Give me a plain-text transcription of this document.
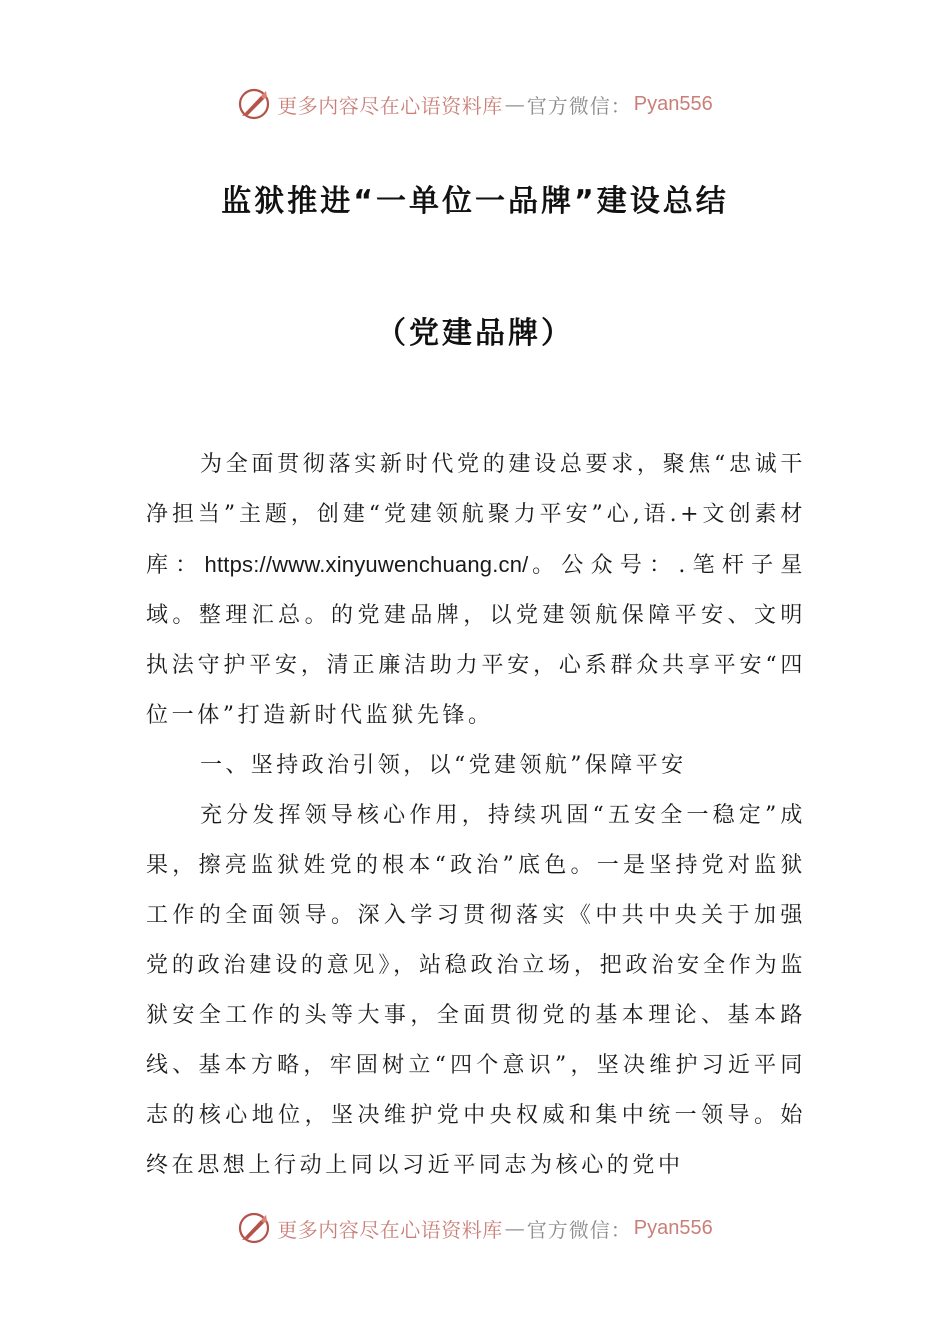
更多内容尽在心语资料库 — 官方微信： Pyan556
监狱推进“一单位一品牌”建设总结
（党建品牌）

为全面贯彻落实新时代党的建设总要求，聚焦“忠诚干净担当”主题，创建“党建领航聚力平安”心,语.+文创素材库：https://www.xinyuwenchuang.cn/。公众号：.笔杆子星域。整理汇总。的党建品牌，以党建领航保障平安、文明执法守护平安，清正廉洁助力平安，心系群众共享平安“四位一体”打造新时代监狱先锋。

一、坚持政治引领，以“党建领航”保障平安

充分发挥领导核心作用，持续巩固“五安全一稳定”成果，擦亮监狱姓党的根本“政治”底色。一是坚持党对监狱工作的全面领导。深入学习贯彻落实《中共中央关于加强党的政治建设的意见》，站稳政治立场，把政治安全作为监狱安全工作的头等大事，全面贯彻党的基本理论、基本路线、基本方略，牢固树立“四个意识”，坚决维护习近平同志的核心地位，坚决维护党中央权威和集中统一领导。始终在思想上行动上同以习近平同志为核心的党中

更多内容尽在心语资料库 — 官方微信： Pyan556
